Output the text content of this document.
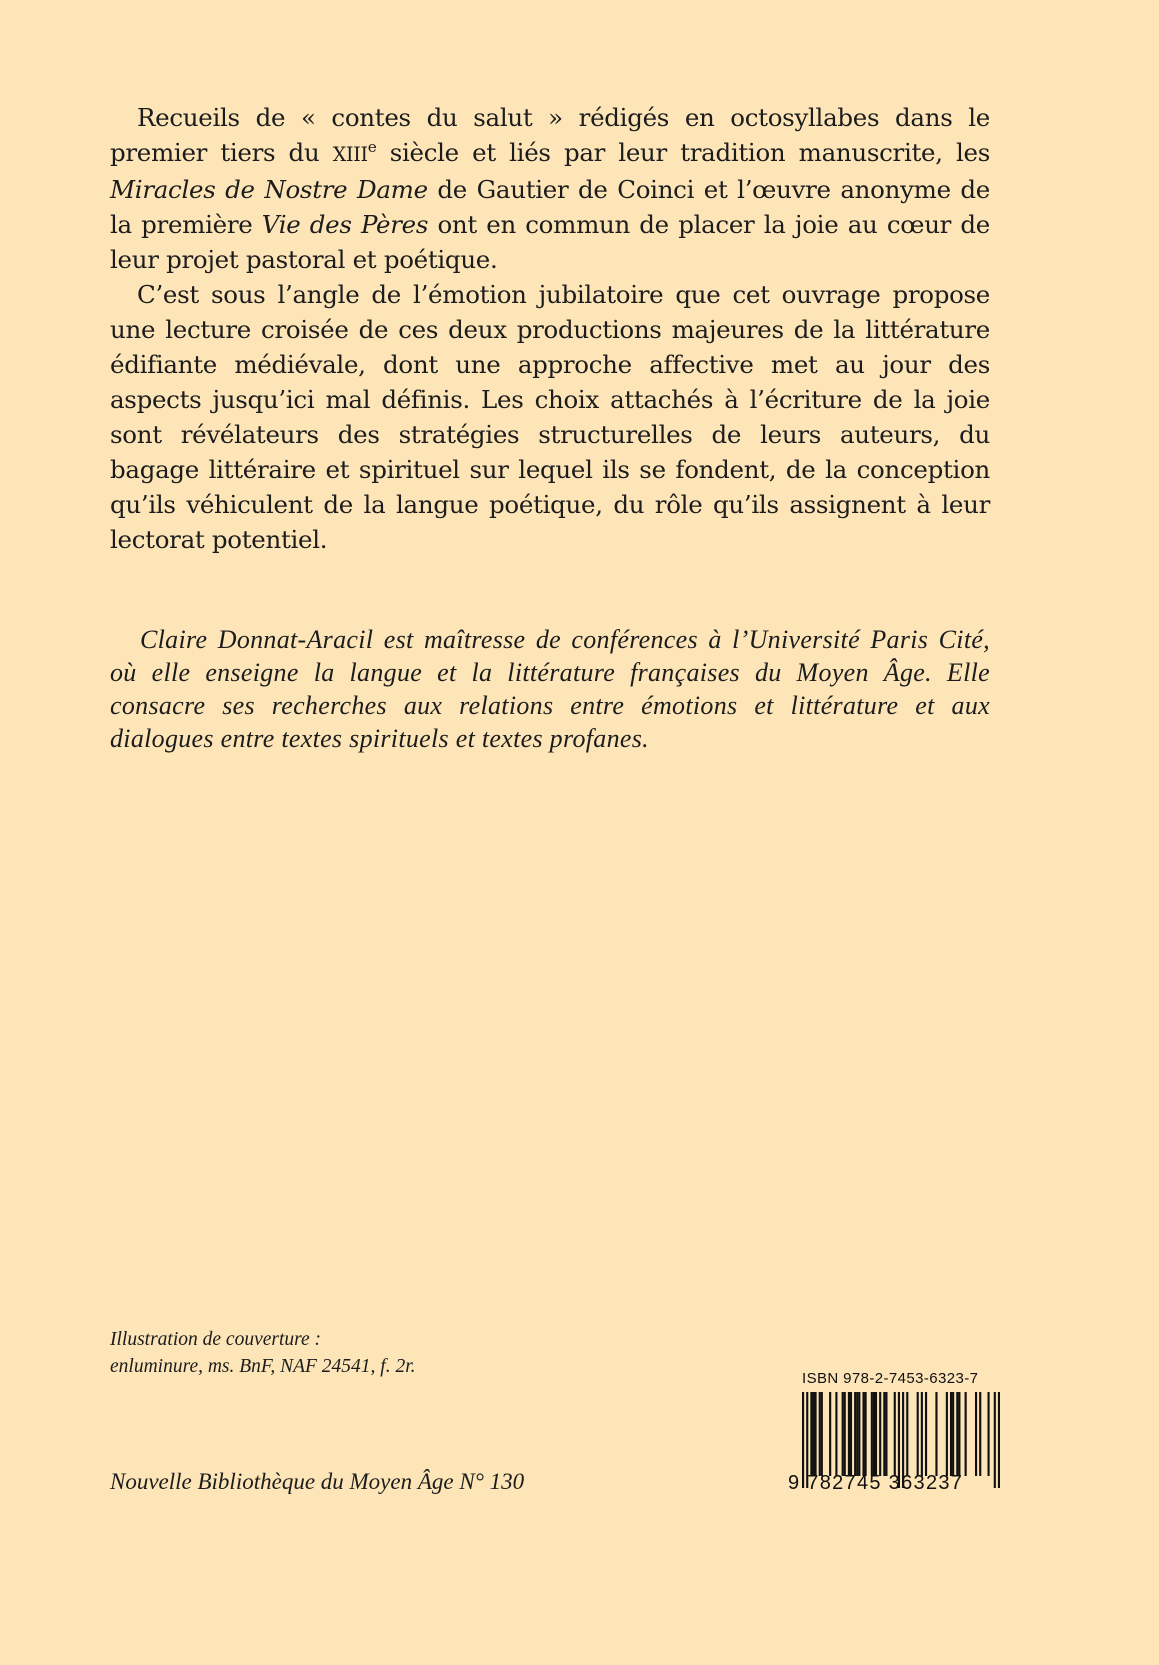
Recueils de « contes du salut » rédigés en octosyllabes dans le premier tiers du XIIIe siècle et liés par leur tradition manuscrite, les Miracles de Nostre Dame de Gautier de Coinci et l’œuvre anonyme de la première Vie des Pères ont en commun de placer la joie au cœur de leur projet pastoral et poétique.

C’est sous l’angle de l’émotion jubilatoire que cet ouvrage propose une lecture croisée de ces deux productions majeures de la littérature édifiante médiévale, dont une approche affective met au jour des aspects jusqu’ici mal définis. Les choix attachés à l’écriture de la joie sont révélateurs des stratégies structurelles de leurs auteurs, du bagage littéraire et spirituel sur lequel ils se fondent, de la conception qu’ils véhiculent de la langue poétique, du rôle qu’ils assignent à leur lectorat potentiel.

Claire Donnat-Aracil est maîtresse de conférences à l’Université Paris Cité, où elle enseigne la langue et la littérature françaises du Moyen Âge. Elle consacre ses recherches aux relations entre émotions et littérature et aux dialogues entre textes spirituels et textes profanes.

Illustration de couverture :
enluminure, ms. BnF, NAF 24541, f. 2r.
Nouvelle Bibliothèque du Moyen Âge N° 130
ISBN 978-2-7453-6323-7
9 782745 363237
